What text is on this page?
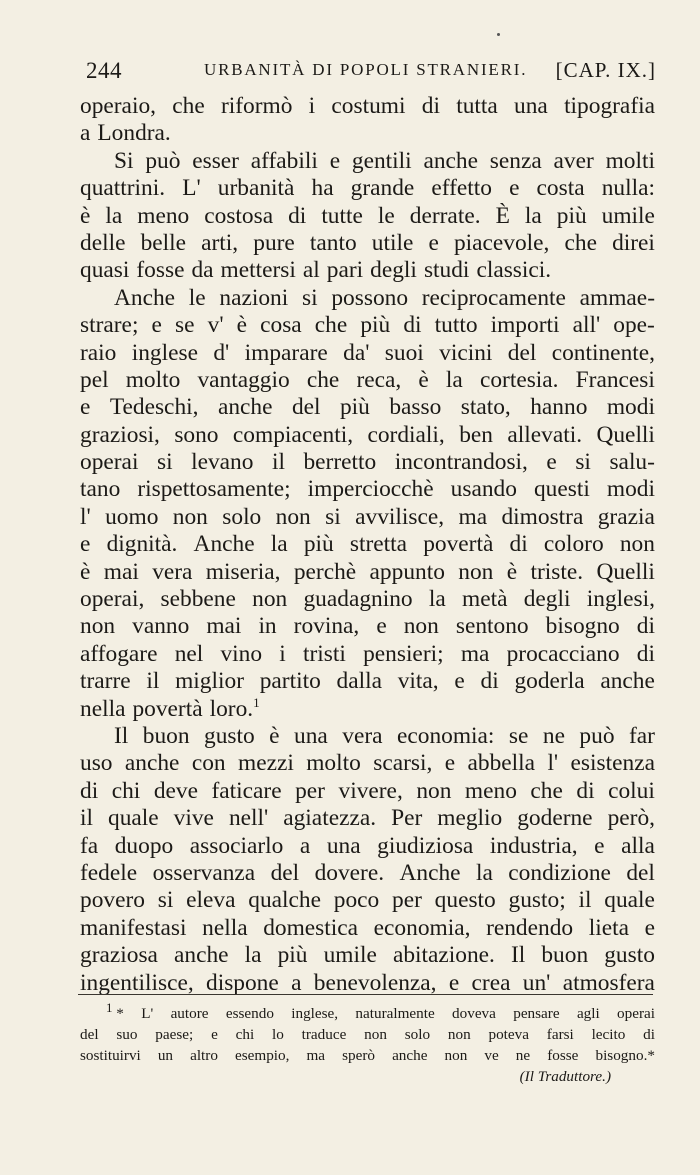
244	URBANITÀ DI POPOLI STRANIERI. [CAP. IX.]
operaio, che riformò i costumi di tutta una tipografia
a Londra.
Si può esser affabili e gentili anche senza aver molti
quattrini. L' urbanità ha grande effetto e costa nulla:
è la meno costosa di tutte le derrate. È la più umile
delle belle arti, pure tanto utile e piacevole, che direi
quasi fosse da mettersi al pari degli studi classici.
Anche le nazioni si possono reciprocamente ammae-
strare; e se v' è cosa che più di tutto importi all' ope-
raio inglese d' imparare da' suoi vicini del continente,
pel molto vantaggio che reca, è la cortesia. Francesi
e Tedeschi, anche del più basso stato, hanno modi
graziosi, sono compiacenti, cordiali, ben allevati. Quelli
operai si levano il berretto incontrandosi, e si salu-
tano rispettosamente; imperciocchè usando questi modi
l' uomo non solo non si avvilisce, ma dimostra grazia
e dignità. Anche la più stretta povertà di coloro non
è mai vera miseria, perchè appunto non è triste. Quelli
operai, sebbene non guadagnino la metà degli inglesi,
non vanno mai in rovina, e non sentono bisogno di
affogare nel vino i tristi pensieri; ma procacciano di
trarre il miglior partito dalla vita, e di goderla anche
nella povertà loro.$^1$
Il buon gusto è una vera economia: se ne può far
uso anche con mezzi molto scarsi, e abbella l' esistenza
di chi deve faticare per vivere, non meno che di colui
il quale vive nell' agiatezza. Per meglio goderne però,
fa duopo associarlo a una giudiziosa industria, e alla
fedele osservanza del dovere. Anche la condizione del
povero si eleva qualche poco per questo gusto; il quale
manifestasi nella domestica economia, rendendo lieta e
graziosa anche la più umile abitazione. Il buon gusto
ingentilisce, dispone a benevolenza, e crea un' atmosfera
1 * L' autore essendo inglese, naturalmente doveva pensare agli operai
del suo paese; e chi lo traduce non solo non poteva farsi lecito di
sostituirvi un altro esempio, ma sperò anche non ve ne fosse bisogno.*
(Il Traduttore.)
